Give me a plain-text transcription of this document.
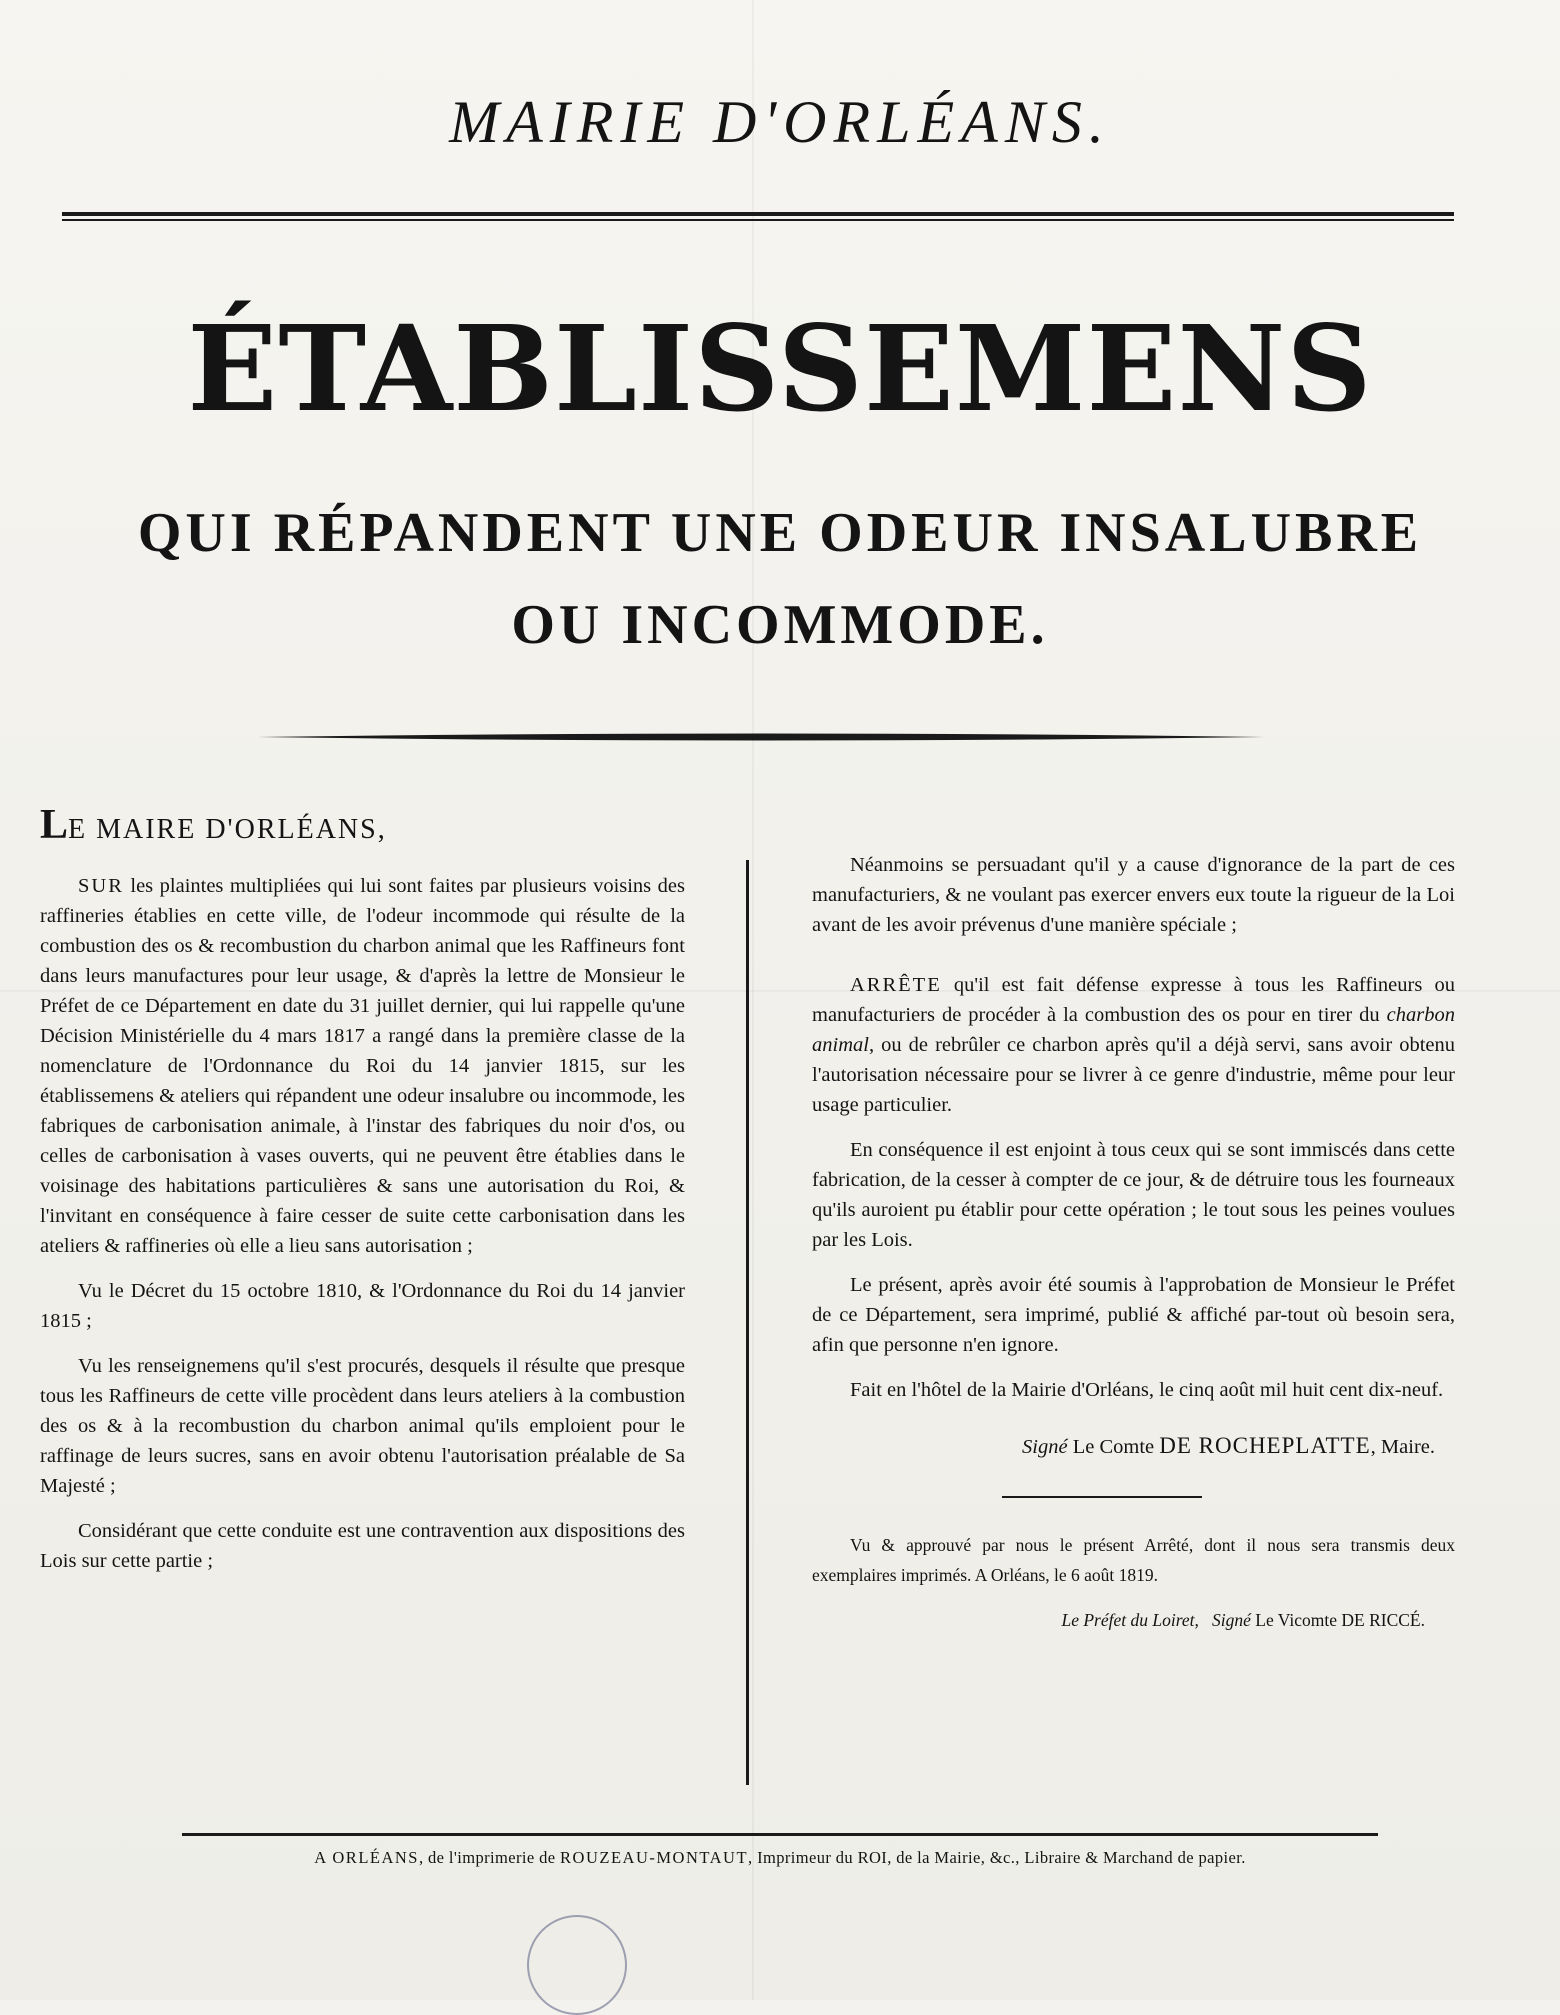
MAIRIE D'ORLÉANS.
ÉTABLISSEMENS
QUI RÉPANDENT UNE ODEUR INSALUBRE
OU INCOMMODE.
LE MAIRE D'ORLÉANS,

SUR les plaintes multipliées qui lui sont faites par plusieurs voisins des raffineries établies en cette ville, de l'odeur incommode qui résulte de la combustion des os & recombustion du charbon animal que les Raffineurs font dans leurs manufactures pour leur usage, & d'après la lettre de Monsieur le Préfet de ce Département en date du 31 juillet dernier, qui lui rappelle qu'une Décision Ministérielle du 4 mars 1817 a rangé dans la première classe de la nomenclature de l'Ordonnance du Roi du 14 janvier 1815, sur les établissemens & ateliers qui répandent une odeur insalubre ou incommode, les fabriques de carbonisation animale, à l'instar des fabriques du noir d'os, ou celles de carbonisation à vases ouverts, qui ne peuvent être établies dans le voisinage des habitations particulières & sans une autorisation du Roi, & l'invitant en conséquence à faire cesser de suite cette carbonisation dans les ateliers & raffineries où elle a lieu sans autorisation ;

Vu le Décret du 15 octobre 1810, & l'Ordonnance du Roi du 14 janvier 1815 ;

Vu les renseignemens qu'il s'est procurés, desquels il résulte que presque tous les Raffineurs de cette ville procèdent dans leurs ateliers à la combustion des os & à la recombustion du charbon animal qu'ils emploient pour le raffinage de leurs sucres, sans en avoir obtenu l'autorisation préalable de Sa Majesté ;

Considérant que cette conduite est une contravention aux dispositions des Lois sur cette partie ;

Néanmoins se persuadant qu'il y a cause d'ignorance de la part de ces manufacturiers, & ne voulant pas exercer envers eux toute la rigueur de la Loi avant de les avoir prévenus d'une manière spéciale ;

ARRÊTE qu'il est fait défense expresse à tous les Raffineurs ou manufacturiers de procéder à la combustion des os pour en tirer du charbon animal, ou de rebrûler ce charbon après qu'il a déjà servi, sans avoir obtenu l'autorisation nécessaire pour se livrer à ce genre d'industrie, même pour leur usage particulier.

En conséquence il est enjoint à tous ceux qui se sont immiscés dans cette fabrication, de la cesser à compter de ce jour, & de détruire tous les fourneaux qu'ils auroient pu établir pour cette opération ; le tout sous les peines voulues par les Lois.

Le présent, après avoir été soumis à l'approbation de Monsieur le Préfet de ce Département, sera imprimé, publié & affiché par-tout où besoin sera, afin que personne n'en ignore.

Fait en l'hôtel de la Mairie d'Orléans, le cinq août mil huit cent dix-neuf.

Signé Le Comte DE ROCHEPLATTE, Maire.

Vu & approuvé par nous le présent Arrêté, dont il nous sera transmis deux exemplaires imprimés. A Orléans, le 6 août 1819.

Le Préfet du Loiret, Signé Le Vicomte DE RICCÉ.
A ORLÉANS, de l'imprimerie de ROUZEAU-MONTAUT, Imprimeur du ROI, de la Mairie, &c., Libraire & Marchand de papier.
